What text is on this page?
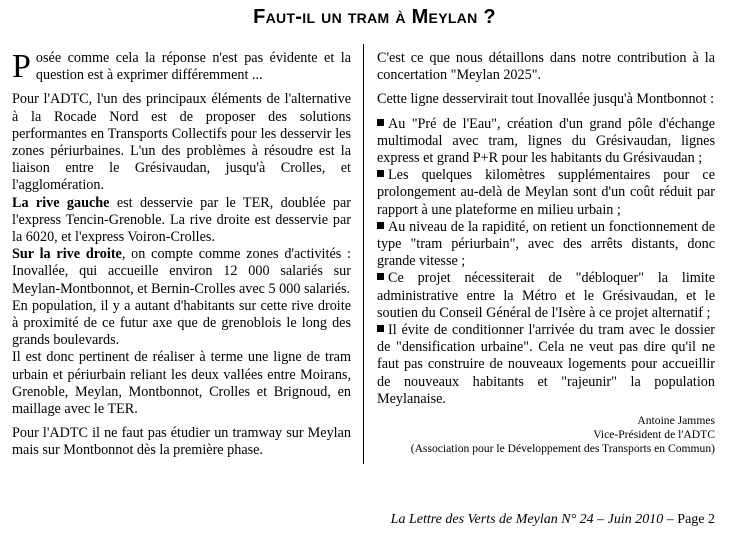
Faut-il un tram à Meylan ?

Posée comme cela la réponse n'est pas évidente et la question est à exprimer différemment ...

Pour l'ADTC, l'un des principaux éléments de l'alternative à la Rocade Nord est de proposer des solutions performantes en Transports Collectifs pour les desservir les zones périurbaines. L'un des problèmes à résoudre est la liaison entre le Grésivaudan, jusqu'à Crolles, et l'agglomération.

La rive gauche est desservie par le TER, doublée par l'express Tencin-Grenoble. La rive droite est desservie par la 6020, et l'express Voiron-Crolles.

Sur la rive droite, on compte comme zones d'activités : Inovallée, qui accueille environ 12 000 salariés sur Meylan-Montbonnot, et Bernin-Crolles avec 5 000 salariés.

En population, il y a autant d'habitants sur cette rive droite à proximité de ce futur axe que de grenoblois le long des grands boulevards.

Il est donc pertinent de réaliser à terme une ligne de tram urbain et périurbain reliant les deux vallées entre Moirans, Grenoble, Meylan, Montbonnot, Crolles et Brignoud, en maillage avec le TER.

Pour l'ADTC il ne faut pas étudier un tramway sur Meylan mais sur Montbonnot dès la première phase.

C'est ce que nous détaillons dans notre contribution à la concertation "Meylan 2025".

Cette ligne desservirait tout Inovallée jusqu'à Montbonnot :

Au "Pré de l'Eau", création d'un grand pôle d'échange multimodal avec tram, lignes du Grésivaudan, lignes express et grand P+R pour les habitants du Grésivaudan ;

Les quelques kilomètres supplémentaires pour ce prolongement au-delà de Meylan sont d'un coût réduit par rapport à une plateforme en milieu urbain ;

Au niveau de la rapidité, on retient un fonctionnement de type "tram périurbain", avec des arrêts distants, donc grande vitesse ;

Ce projet nécessiterait de "débloquer" la limite administrative entre la Métro et le Grésivaudan, et le soutien du Conseil Général de l'Isère à ce projet alternatif ;

Il évite de conditionner l'arrivée du tram avec le dossier de "densification urbaine". Cela ne veut pas dire qu'il ne faut pas construire de nouveaux logements pour accueillir de nouveaux habitants et "rajeunir" la population Meylanaise.

Antoine Jammes
Vice-Président de l'ADTC
(Association pour le Développement des Transports en Commun)
La Lettre des Verts de Meylan N° 24 – Juin 2010 – Page 2
